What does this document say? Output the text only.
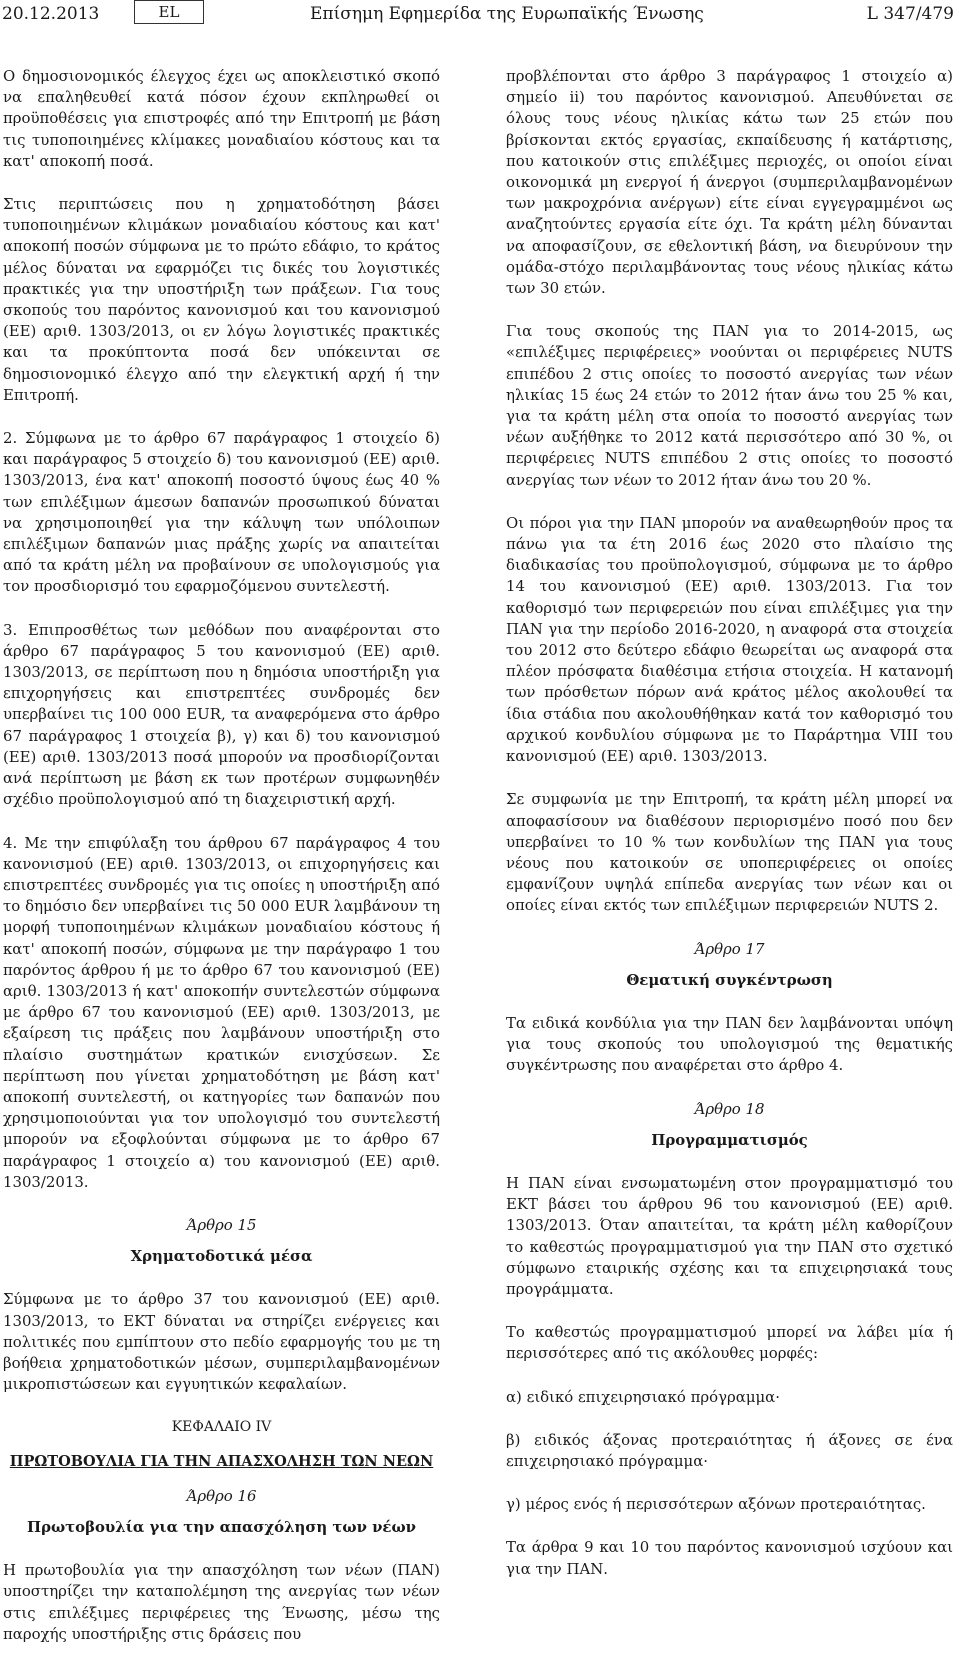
20.12.2013	EL	Επίσημη Εφημερίδα της Ευρωπαϊκής Ένωσης	L 347/479

Ο δημοσιονομικός έλεγχος έχει ως αποκλειστικό σκοπό να επαληθευθεί κατά πόσον έχουν εκπληρωθεί οι προϋποθέσεις για επιστροφές από την Επιτροπή με βάση τις τυποποιημένες κλίμακες μοναδιαίου κόστους και τα κατ' αποκοπή ποσά.

Στις περιπτώσεις που η χρηματοδότηση βάσει τυποποιημένων κλιμάκων μοναδιαίου κόστους και κατ' αποκοπή ποσών σύμφωνα με το πρώτο εδάφιο, το κράτος μέλος δύναται να εφαρμόζει τις δικές του λογιστικές πρακτικές για την υποστήριξη των πράξεων. Για τους σκοπούς του παρόντος κανονισμού και του κανονισμού (ΕΕ) αριθ. 1303/2013, οι εν λόγω λογιστικές πρακτικές και τα προκύπτοντα ποσά δεν υπόκεινται σε δημοσιονομικό έλεγχο από την ελεγκτική αρχή ή την Επιτροπή.

2. Σύμφωνα με το άρθρο 67 παράγραφος 1 στοιχείο δ) και παράγραφος 5 στοιχείο δ) του κανονισμού (ΕΕ) αριθ. 1303/2013, ένα κατ' αποκοπή ποσοστό ύψους έως 40 % των επιλέξιμων άμεσων δαπανών προσωπικού δύναται να χρησιμοποιηθεί για την κάλυψη των υπόλοιπων επιλέξιμων δαπανών μιας πράξης χωρίς να απαιτείται από τα κράτη μέλη να προβαίνουν σε υπολογισμούς για τον προσδιορισμό του εφαρμοζόμενου συντελεστή.

3. Επιπροσθέτως των μεθόδων που αναφέρονται στο άρθρο 67 παράγραφος 5 του κανονισμού (ΕΕ) αριθ. 1303/2013, σε περίπτωση που η δημόσια υποστήριξη για επιχορηγήσεις και επιστρεπτέες συνδρομές δεν υπερβαίνει τις 100 000 EUR, τα αναφερόμενα στο άρθρο 67 παράγραφος 1 στοιχεία β), γ) και δ) του κανονισμού (ΕΕ) αριθ. 1303/2013 ποσά μπορούν να προσδιορίζονται ανά περίπτωση με βάση εκ των προτέρων συμφωνηθέν σχέδιο προϋπολογισμού από τη διαχειριστική αρχή.

4. Με την επιφύλαξη του άρθρου 67 παράγραφος 4 του κανονισμού (ΕΕ) αριθ. 1303/2013, οι επιχορηγήσεις και επιστρεπτέες συνδρομές για τις οποίες η υποστήριξη από το δημόσιο δεν υπερβαίνει τις 50 000 EUR λαμβάνουν τη μορφή τυποποιημένων κλιμάκων μοναδιαίου κόστους ή κατ' αποκοπή ποσών, σύμφωνα με την παράγραφο 1 του παρόντος άρθρου ή με το άρθρο 67 του κανονισμού (ΕΕ) αριθ. 1303/2013 ή κατ' αποκοπήν συντελεστών σύμφωνα με άρθρο 67 του κανονισμού (ΕΕ) αριθ. 1303/2013, με εξαίρεση τις πράξεις που λαμβάνουν υποστήριξη στο πλαίσιο συστημάτων κρατικών ενισχύσεων. Σε περίπτωση που γίνεται χρηματοδότηση με βάση κατ' αποκοπή συντελεστή, οι κατηγορίες των δαπανών που χρησιμοποιούνται για τον υπολογισμό του συντελεστή μπορούν να εξοφλούνται σύμφωνα με το άρθρο 67 παράγραφος 1 στοιχείο α) του κανονισμού (ΕΕ) αριθ. 1303/2013.

Άρθρο 15
Χρηματοδοτικά μέσα

Σύμφωνα με το άρθρο 37 του κανονισμού (ΕΕ) αριθ. 1303/2013, το ΕΚΤ δύναται να στηρίζει ενέργειες και πολιτικές που εμπίπτουν στο πεδίο εφαρμογής του με τη βοήθεια χρηματοδοτικών μέσων, συμπεριλαμβανομένων μικροπιστώσεων και εγγυητικών κεφαλαίων.

ΚΕΦΑΛΑΙΟ IV
ΠΡΩΤΟΒΟΥΛΙΑ ΓΙΑ ΤΗΝ ΑΠΑΣΧΟΛΗΣΗ ΤΩΝ ΝΕΩΝ
Άρθρο 16
Πρωτοβουλία για την απασχόληση των νέων

Η πρωτοβουλία για την απασχόληση των νέων (ΠΑΝ) υποστηρίζει την καταπολέμηση της ανεργίας των νέων στις επιλέξιμες περιφέρειες της Ένωσης, μέσω της παροχής υποστήριξης στις δράσεις που

προβλέπονται στο άρθρο 3 παράγραφος 1 στοιχείο α) σημείο ii) του παρόντος κανονισμού. Απευθύνεται σε όλους τους νέους ηλικίας κάτω των 25 ετών που βρίσκονται εκτός εργασίας, εκπαίδευσης ή κατάρτισης, που κατοικούν στις επιλέξιμες περιοχές, οι οποίοι είναι οικονομικά μη ενεργοί ή άνεργοι (συμπεριλαμβανομένων των μακροχρόνια ανέργων) είτε είναι εγγεγραμμένοι ως αναζητούντες εργασία είτε όχι. Τα κράτη μέλη δύνανται να αποφασίζουν, σε εθελοντική βάση, να διευρύνουν την ομάδα-στόχο περιλαμβάνοντας τους νέους ηλικίας κάτω των 30 ετών.

Για τους σκοπούς της ΠΑΝ για το 2014-2015, ως «επιλέξιμες περιφέρειες» νοούνται οι περιφέρειες NUTS επιπέδου 2 στις οποίες το ποσοστό ανεργίας των νέων ηλικίας 15 έως 24 ετών το 2012 ήταν άνω του 25 % και, για τα κράτη μέλη στα οποία το ποσοστό ανεργίας των νέων αυξήθηκε το 2012 κατά περισσότερο από 30 %, οι περιφέρειες NUTS επιπέδου 2 στις οποίες το ποσοστό ανεργίας των νέων το 2012 ήταν άνω του 20 %.

Οι πόροι για την ΠΑΝ μπορούν να αναθεωρηθούν προς τα πάνω για τα έτη 2016 έως 2020 στο πλαίσιο της διαδικασίας του προϋπολογισμού, σύμφωνα με το άρθρο 14 του κανονισμού (ΕΕ) αριθ. 1303/2013. Για τον καθορισμό των περιφερειών που είναι επιλέξιμες για την ΠΑΝ για την περίοδο 2016-2020, η αναφορά στα στοιχεία του 2012 στο δεύτερο εδάφιο θεωρείται ως αναφορά στα πλέον πρόσφατα διαθέσιμα ετήσια στοιχεία. Η κατανομή των πρόσθετων πόρων ανά κράτος μέλος ακολουθεί τα ίδια στάδια που ακολουθήθηκαν κατά τον καθορισμό του αρχικού κονδυλίου σύμφωνα με το Παράρτημα VIII του κανονισμού (ΕΕ) αριθ. 1303/2013.

Σε συμφωνία με την Επιτροπή, τα κράτη μέλη μπορεί να αποφασίσουν να διαθέσουν περιορισμένο ποσό που δεν υπερβαίνει το 10 % των κονδυλίων της ΠΑΝ για τους νέους που κατοικούν σε υποπεριφέρειες οι οποίες εμφανίζουν υψηλά επίπεδα ανεργίας των νέων και οι οποίες είναι εκτός των επιλέξιμων περιφερειών NUTS 2.

Άρθρο 17
Θεματική συγκέντρωση

Τα ειδικά κονδύλια για την ΠΑΝ δεν λαμβάνονται υπόψη για τους σκοπούς του υπολογισμού της θεματικής συγκέντρωσης που αναφέρεται στο άρθρο 4.

Άρθρο 18
Προγραμματισμός

Η ΠΑΝ είναι ενσωματωμένη στον προγραμματισμό του ΕΚΤ βάσει του άρθρου 96 του κανονισμού (ΕΕ) αριθ. 1303/2013. Όταν απαιτείται, τα κράτη μέλη καθορίζουν το καθεστώς προγραμματισμού για την ΠΑΝ στο σχετικό σύμφωνο εταιρικής σχέσης και τα επιχειρησιακά τους προγράμματα.

Το καθεστώς προγραμματισμού μπορεί να λάβει μία ή περισσότερες από τις ακόλουθες μορφές:

α) ειδικό επιχειρησιακό πρόγραμμα·

β) ειδικός άξονας προτεραιότητας ή άξονες σε ένα επιχειρησιακό πρόγραμμα·

γ) μέρος ενός ή περισσότερων αξόνων προτεραιότητας.

Τα άρθρα 9 και 10 του παρόντος κανονισμού ισχύουν και για την ΠΑΝ.
